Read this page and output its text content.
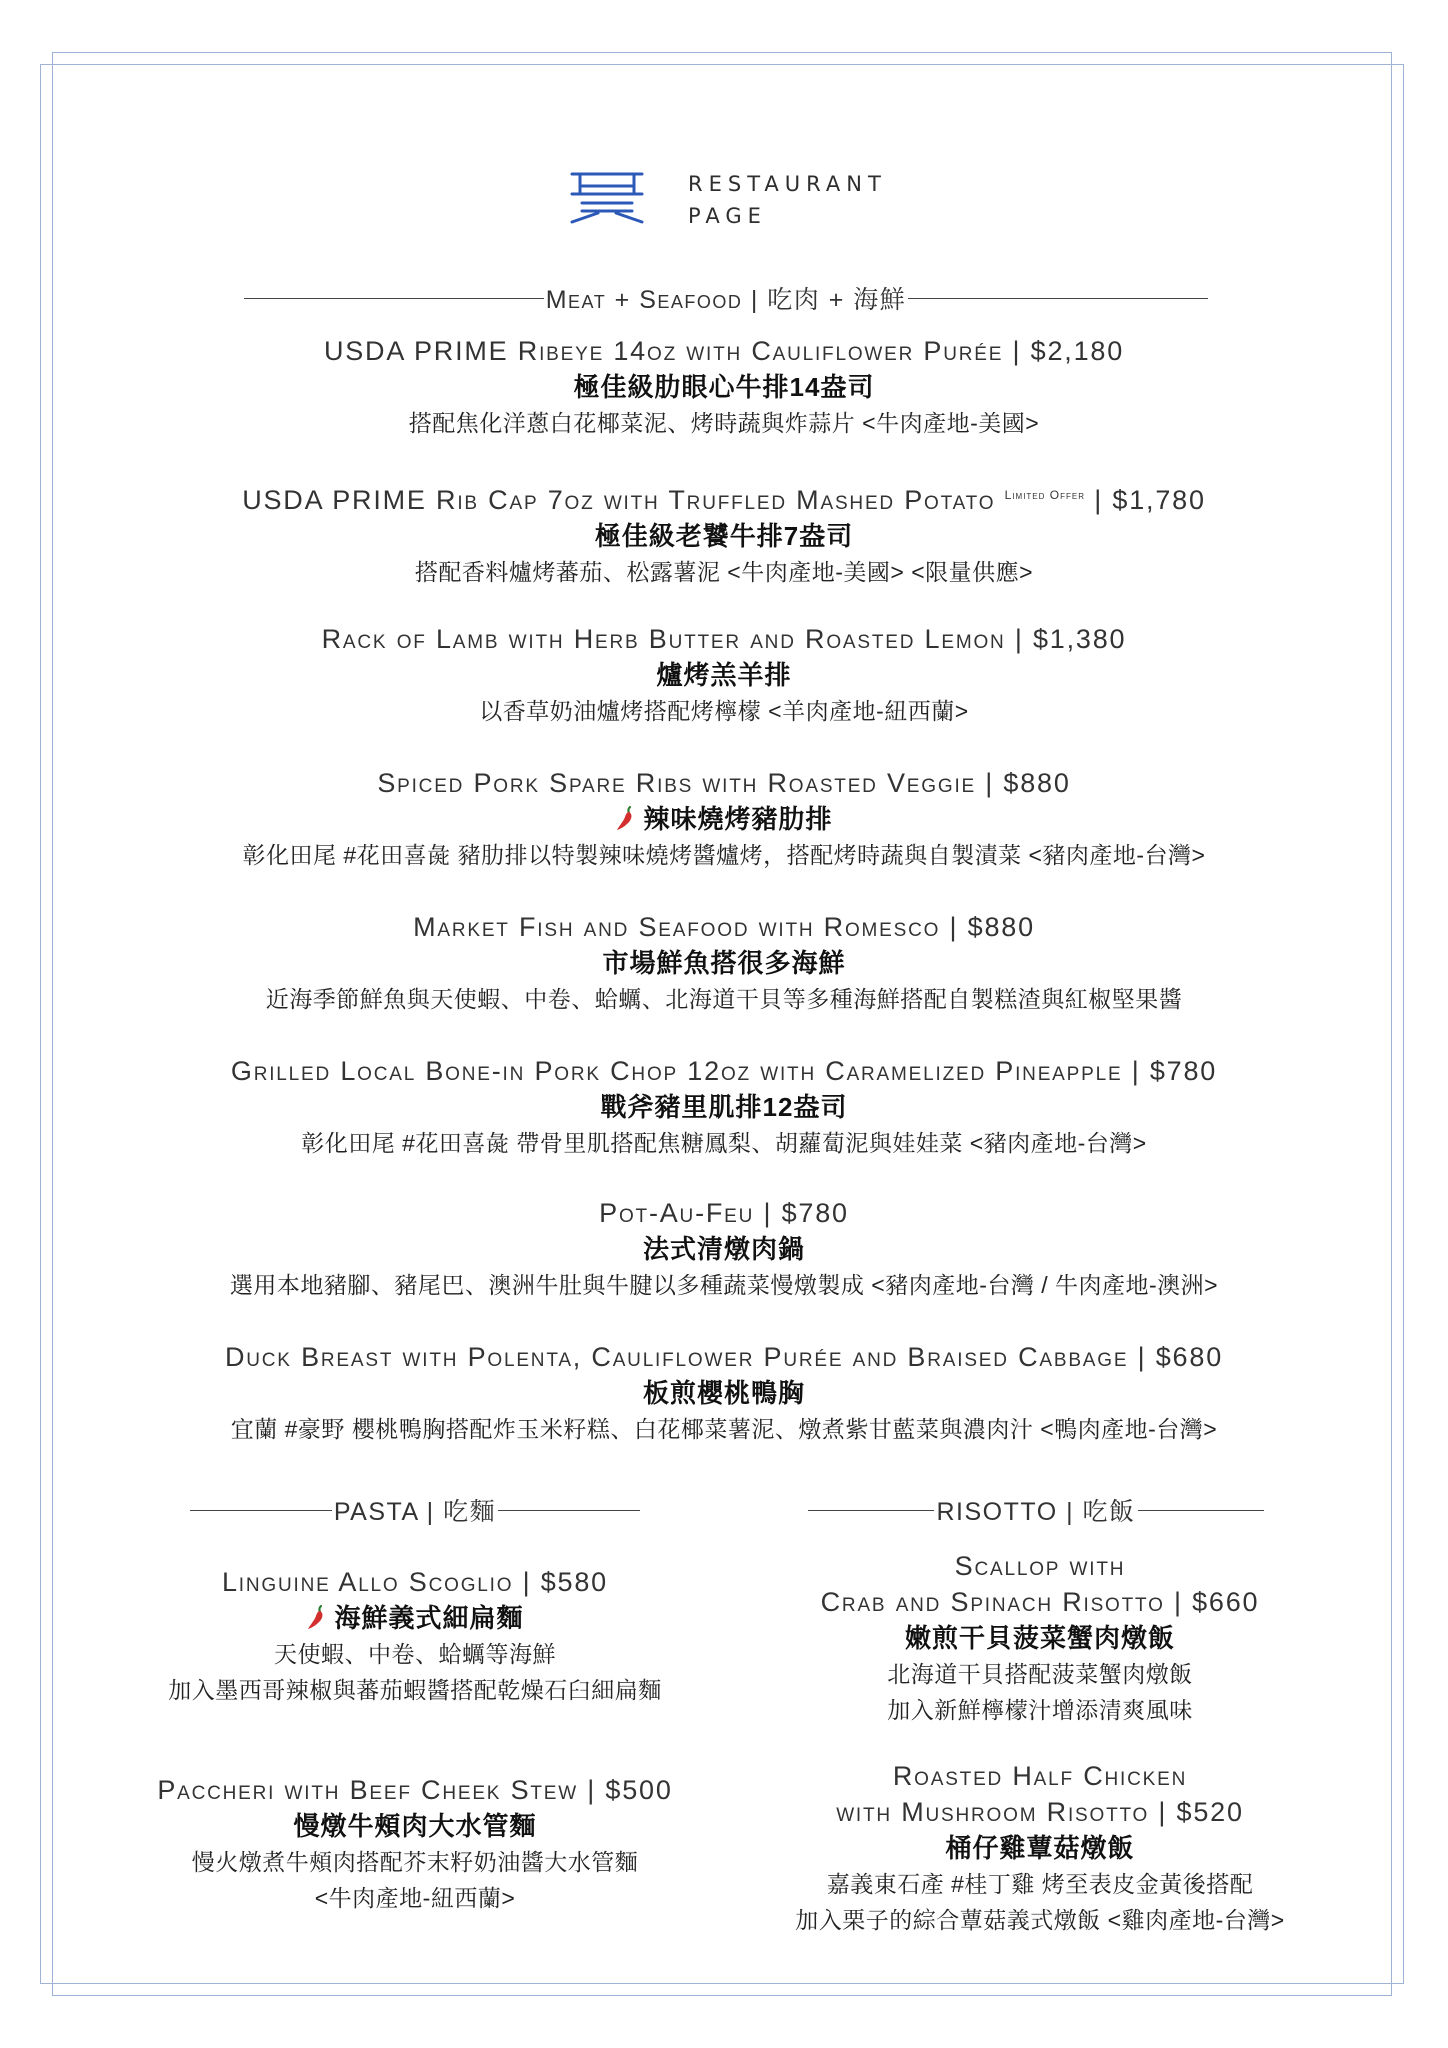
RESTAURANT
PAGE
Meat + Seafood | 吃肉 + 海鮮
USDA PRIME Ribeye 14oz with Cauliflower Purée | $2,180
極佳級肋眼心牛排14盎司
搭配焦化洋蔥白花椰菜泥、烤時蔬與炸蒜片 <牛肉產地-美國>
USDA PRIME Rib Cap 7oz with Truffled Mashed Potato $^{Limited Offer}$ | $1,780
極佳級老饕牛排7盎司
搭配香料爐烤蕃茄、松露薯泥 <牛肉產地-美國> <限量供應>
Rack of Lamb with Herb Butter and Roasted Lemon | $1,380
爐烤羔羊排
以香草奶油爐烤搭配烤檸檬 <羊肉產地-紐西蘭>
Spiced Pork Spare Ribs with Roasted Veggie | $880
辣味燒烤豬肋排
彰化田尾 #花田喜彘 豬肋排以特製辣味燒烤醬爐烤，搭配烤時蔬與自製漬菜 <豬肉產地-台灣>
Market Fish and Seafood with Romesco | $880
市場鮮魚搭很多海鮮
近海季節鮮魚與天使蝦、中卷、蛤蠣、北海道干貝等多種海鮮搭配自製糕渣與紅椒堅果醬
Grilled Local Bone-in Pork Chop 12oz with Caramelized Pineapple | $780
戰斧豬里肌排12盎司
彰化田尾 #花田喜彘 帶骨里肌搭配焦糖鳳梨、胡蘿蔔泥與娃娃菜 <豬肉產地-台灣>
Pot-Au-Feu | $780
法式清燉肉鍋
選用本地豬腳、豬尾巴、澳洲牛肚與牛腱以多種蔬菜慢燉製成 <豬肉產地-台灣 / 牛肉產地-澳洲>
Duck Breast with Polenta, Cauliflower Purée and Braised Cabbage | $680
板煎櫻桃鴨胸
宜蘭 #豪野 櫻桃鴨胸搭配炸玉米籽糕、白花椰菜薯泥、燉煮紫甘藍菜與濃肉汁 <鴨肉產地-台灣>
PASTA | 吃麵	RISOTTO | 吃飯
Linguine Allo Scoglio | $580
海鮮義式細扁麵
天使蝦、中卷、蛤蠣等海鮮
加入墨西哥辣椒與蕃茄蝦醬搭配乾燥石臼細扁麵
Paccheri with Beef Cheek Stew | $500
慢燉牛頰肉大水管麵
慢火燉煮牛頰肉搭配芥末籽奶油醬大水管麵
<牛肉產地-紐西蘭>
Scallop with
Crab and Spinach Risotto | $660
嫩煎干貝菠菜蟹肉燉飯
北海道干貝搭配菠菜蟹肉燉飯
加入新鮮檸檬汁增添清爽風味
Roasted Half Chicken
with Mushroom Risotto | $520
桶仔雞蕈菇燉飯
嘉義東石產 #桂丁雞 烤至表皮金黃後搭配
加入栗子的綜合蕈菇義式燉飯 <雞肉產地-台灣>
